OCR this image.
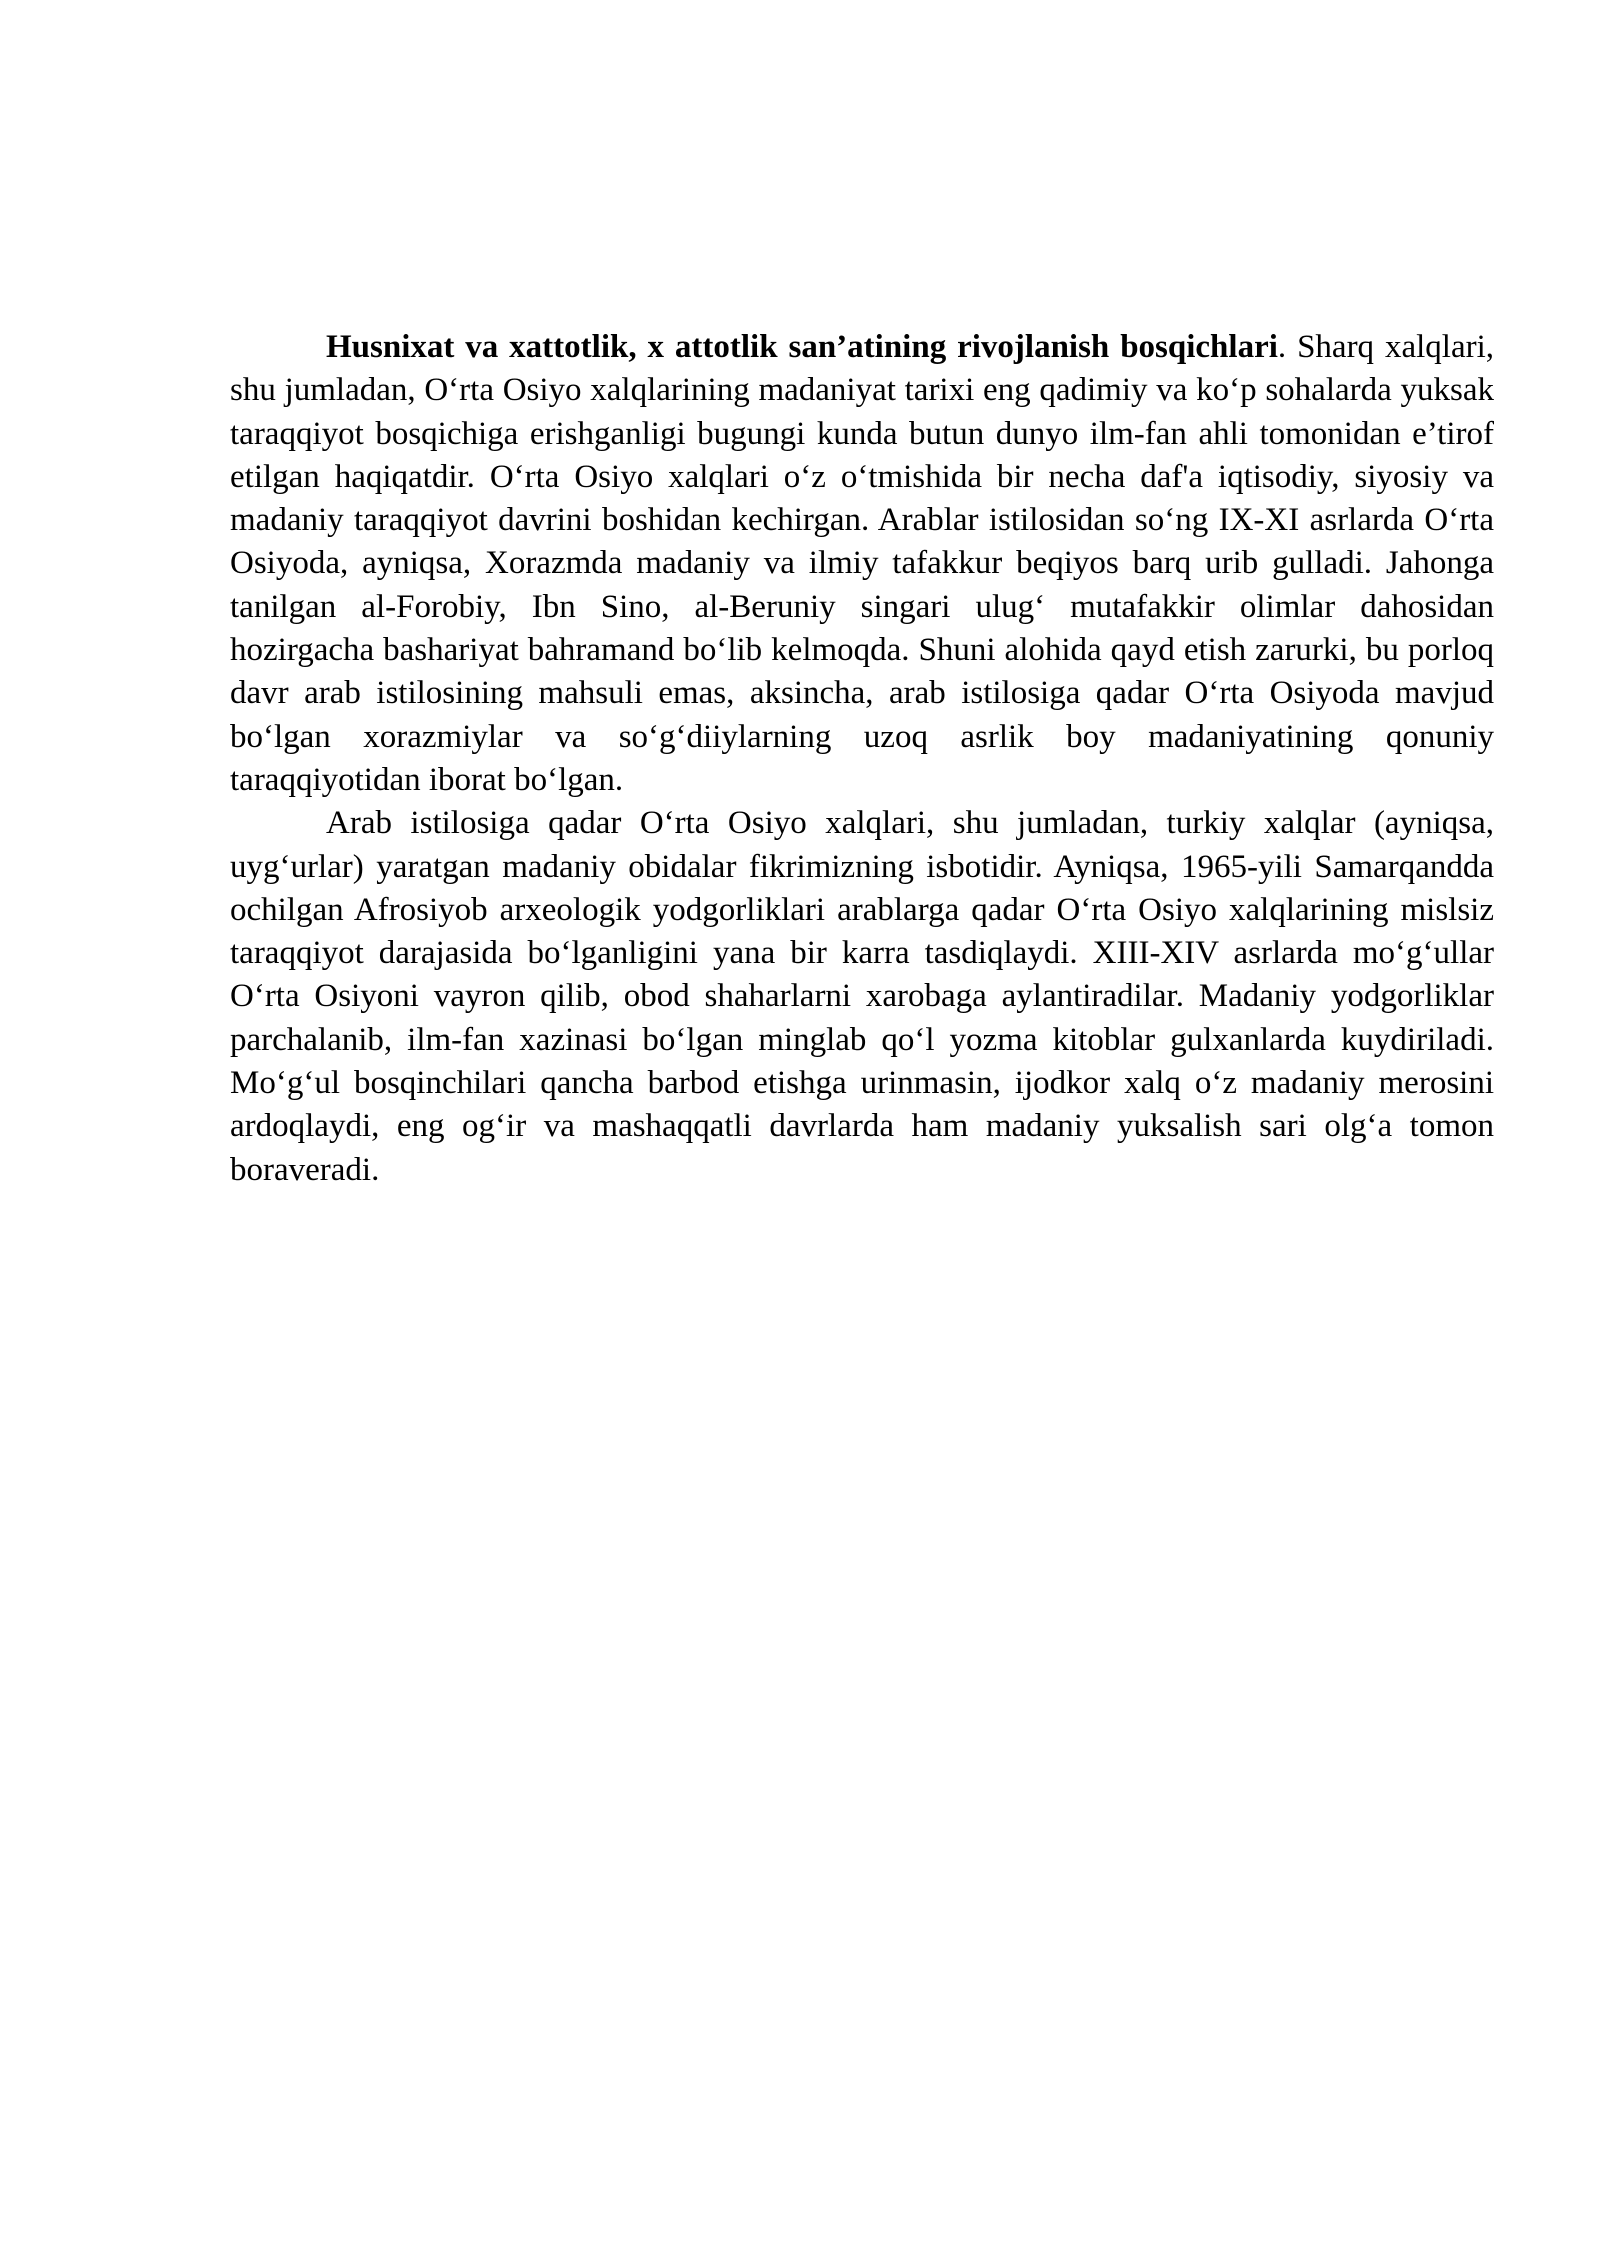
Husnixat va xattotlik, x attotlik san’atining rivojlanish bosqichlari. Sharq xalqlari, shu jumladan, O‘rta Osiyo xalqlarining madaniyat tarixi eng qadimiy va ko‘p sohalarda yuksak taraqqiyot bosqichiga erishganligi bugungi kunda butun dunyo ilm-fan ahli tomonidan e’tirof etilgan haqiqatdir. O‘rta Osiyo xalqlari o‘z o‘tmishida bir necha daf'a iqtisodiy, siyosiy va madaniy taraqqiyot davrini boshidan kechirgan. Arablar istilosidan so‘ng IX-XI asrlarda O‘rta Osiyoda, ayniqsa, Xorazmda madaniy va ilmiy tafakkur beqiyos barq urib gulladi. Jahonga tanilgan al-Forobiy, Ibn Sino, al-Beruniy singari ulug‘ mutafakkir olimlar dahosidan hozirgacha bashariyat bahramand bo‘lib kelmoqda. Shuni alohida qayd etish zarurki, bu porloq davr arab istilosining mahsuli emas, aksincha, arab istilosiga qadar O‘rta Osiyoda mavjud bo‘lgan xorazmiylar va so‘g‘diiylarning uzoq asrlik boy madaniyatining qonuniy taraqqiyotidan iborat bo‘lgan.

Arab istilosiga qadar O‘rta Osiyo xalqlari, shu jumladan, turkiy xalqlar (ayniqsa, uyg‘urlar) yaratgan madaniy obidalar fikrimizning isbotidir. Ayniqsa, 1965-yili Samarqandda ochilgan Afrosiyob arxeologik yodgorliklari arablarga qadar O‘rta Osiyo xalqlarining mislsiz taraqqiyot darajasida bo‘lganligini yana bir karra tasdiqlaydi. XIII-XIV asrlarda mo‘g‘ullar O‘rta Osiyoni vayron qilib, obod shaharlarni xarobaga aylantiradilar. Madaniy yodgorliklar parchalanib, ilm-fan xazinasi bo‘lgan minglab qo‘l yozma kitoblar gulxanlarda kuydiriladi. Mo‘g‘ul bosqinchilari qancha barbod etishga urinmasin, ijodkor xalq o‘z madaniy merosini ardoqlaydi, eng og‘ir va mashaqqatli davrlarda ham madaniy yuksalish sari olg‘a tomon boraveradi.
